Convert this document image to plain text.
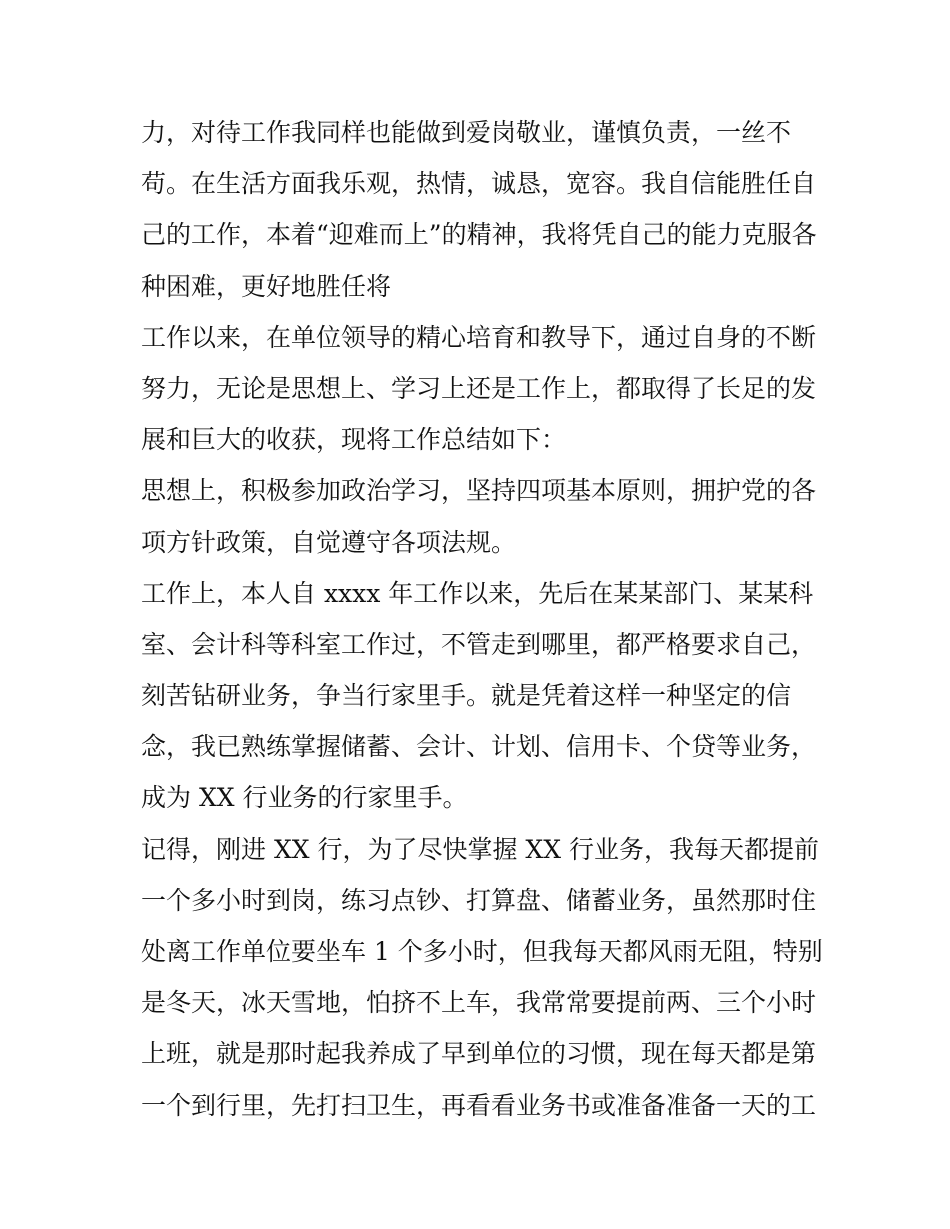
力，对待工作我同样也能做到爱岗敬业，谨慎负责，一丝不
苟。在生活方面我乐观，热情，诚恳，宽容。我自信能胜任自
己的工作，本着“迎难而上”的精神，我将凭自己的能力克服各
种困难，更好地胜任将
工作以来，在单位领导的精心培育和教导下，通过自身的不断
努力，无论是思想上、学习上还是工作上，都取得了长足的发
展和巨大的收获，现将工作总结如下：
思想上，积极参加政治学习，坚持四项基本原则，拥护党的各
项方针政策，自觉遵守各项法规。
工作上，本人自 xxxx 年工作以来，先后在某某部门、某某科
室、会计科等科室工作过，不管走到哪里，都严格要求自己，
刻苦钻研业务，争当行家里手。就是凭着这样一种坚定的信
念，我已熟练掌握储蓄、会计、计划、信用卡、个贷等业务，
成为 XX 行业务的行家里手。
记得，刚进 XX 行，为了尽快掌握 XX 行业务，我每天都提前
一个多小时到岗，练习点钞、打算盘、储蓄业务，虽然那时住
处离工作单位要坐车 1 个多小时，但我每天都风雨无阻，特别
是冬天，冰天雪地，怕挤不上车，我常常要提前两、三个小时
上班，就是那时起我养成了早到单位的习惯，现在每天都是第
一个到行里，先打扫卫生，再看看业务书或准备准备一天的工
